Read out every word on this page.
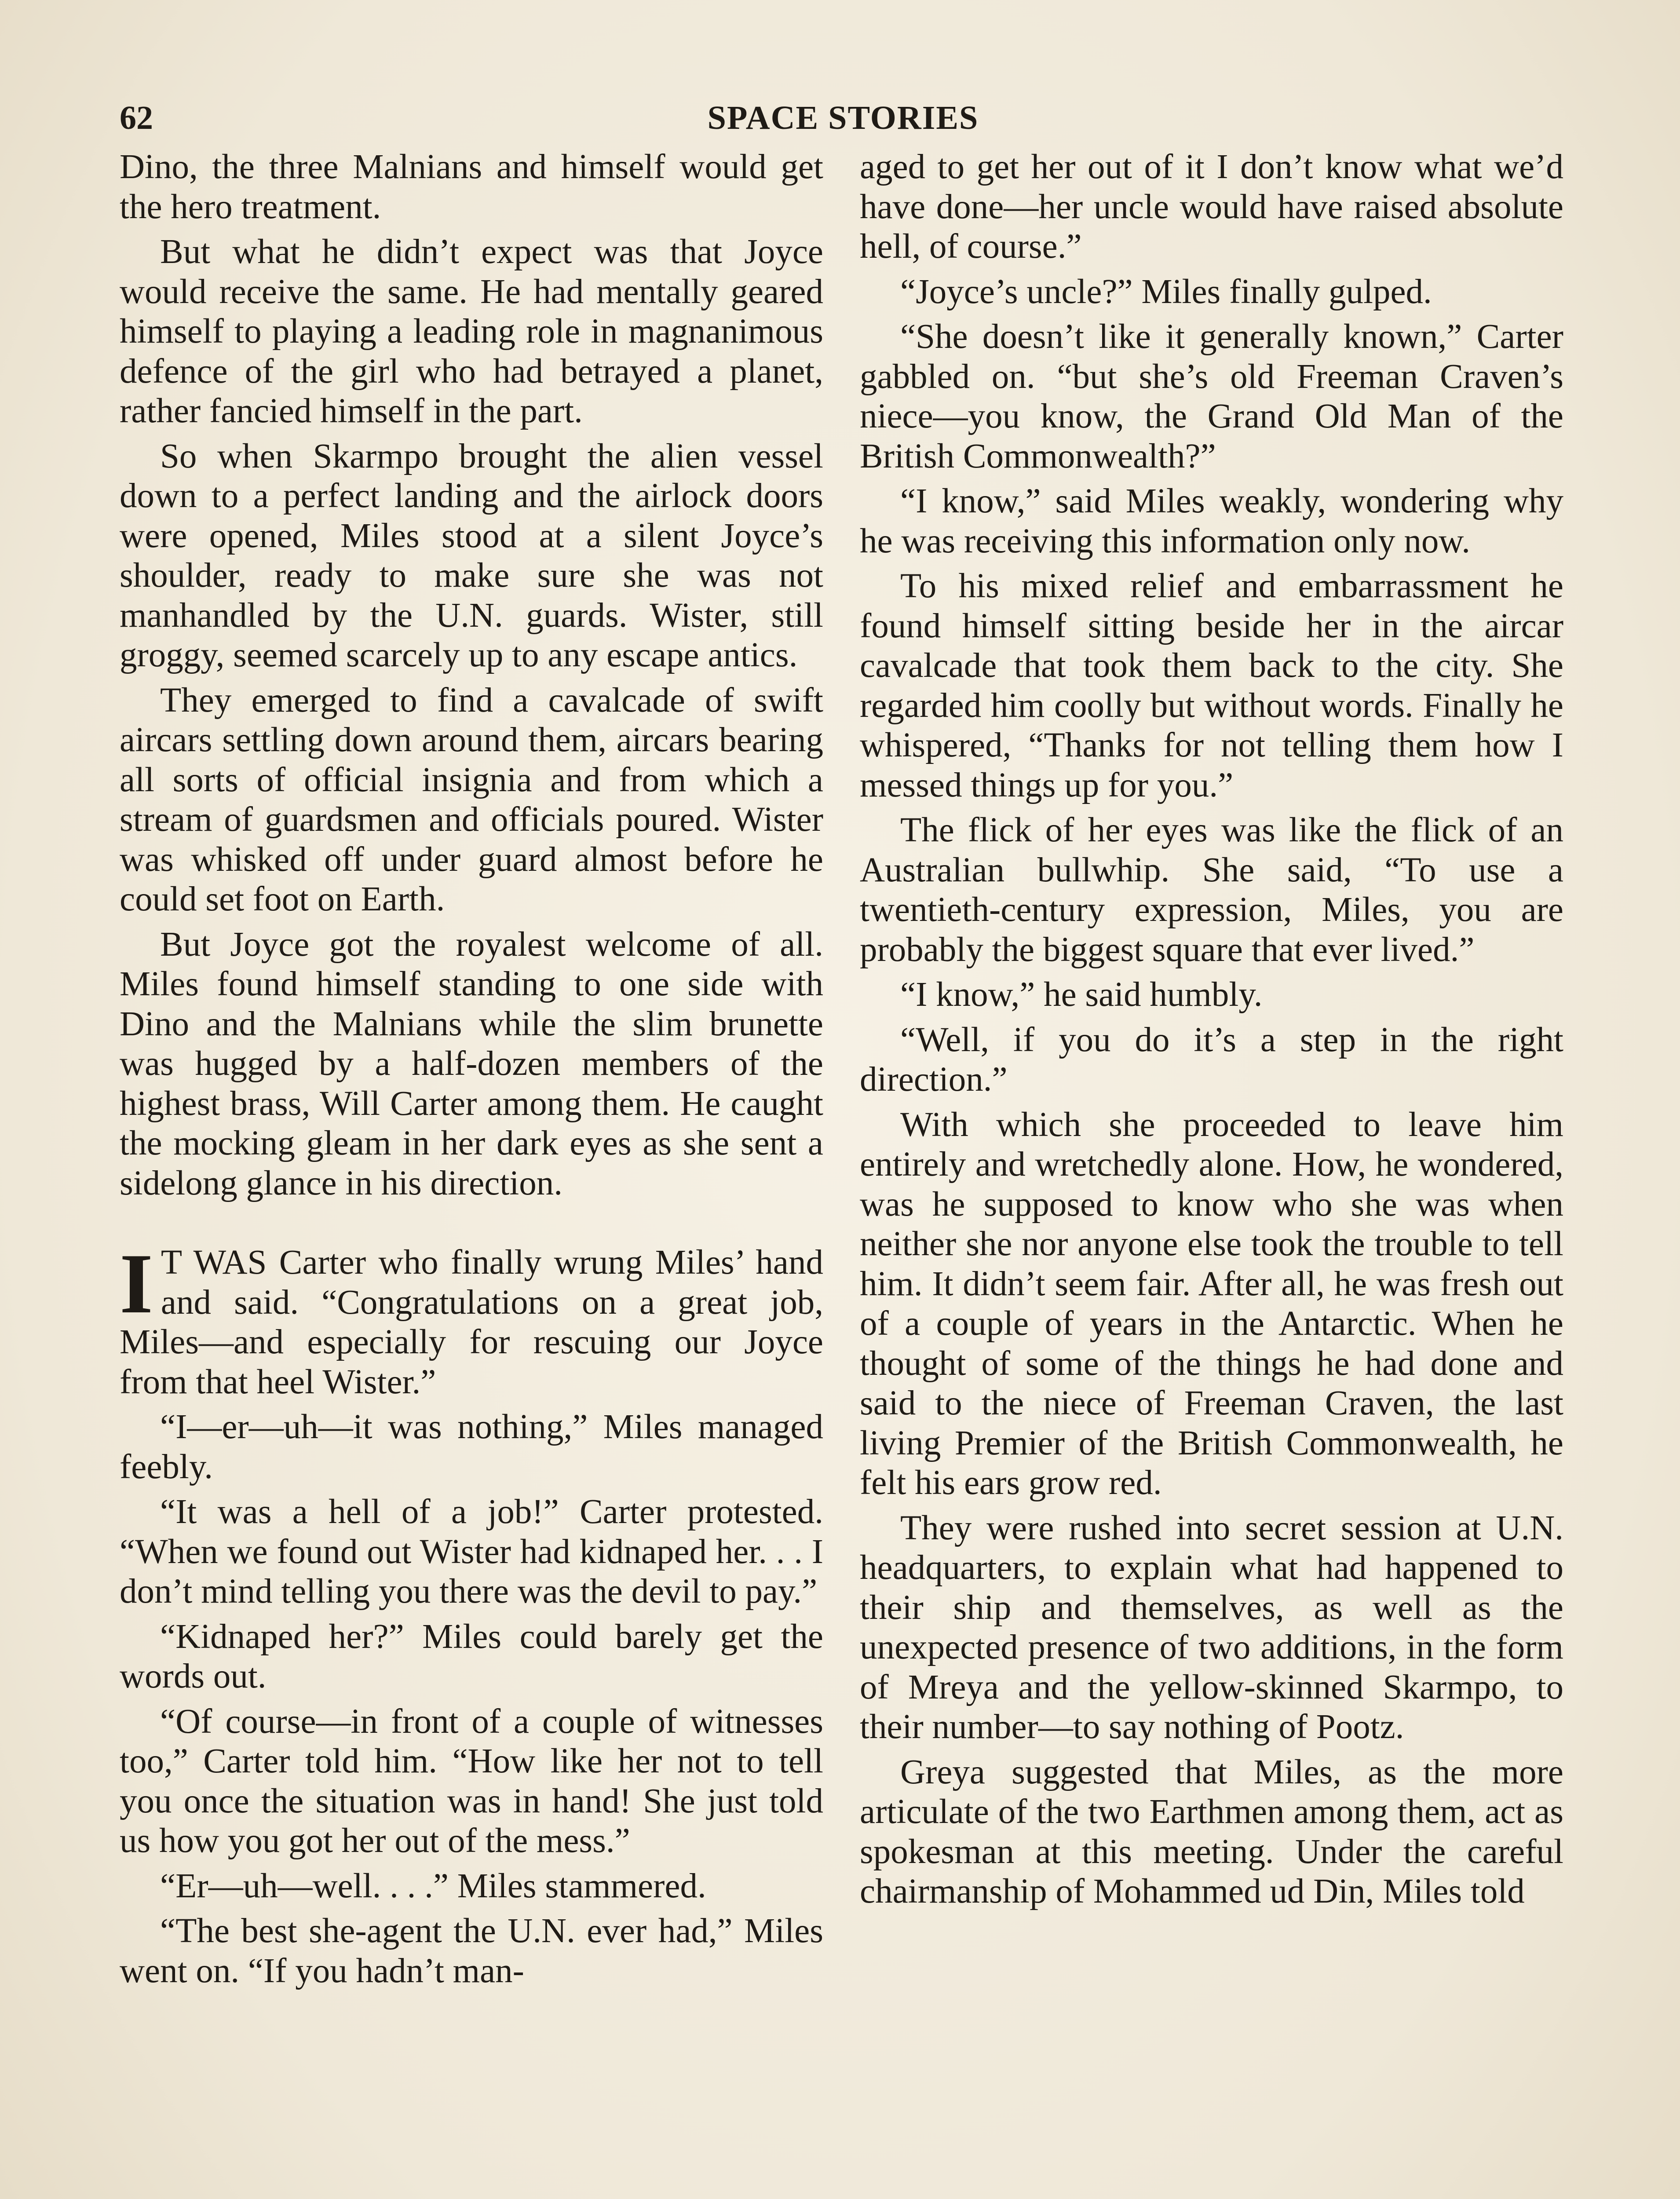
SPACE STORIES
62

Dino, the three Malnians and himself would get the hero treatment.

But what he didn’t expect was that Joyce would receive the same. He had mentally geared himself to playing a leading role in magnanimous defence of the girl who had betrayed a planet, rather fancied himself in the part.

So when Skarmpo brought the alien vessel down to a perfect landing and the airlock doors were opened, Miles stood at a silent Joyce’s shoulder, ready to make sure she was not manhandled by the U.N. guards. Wister, still groggy, seemed scarcely up to any escape antics.

They emerged to find a cavalcade of swift aircars settling down around them, aircars bearing all sorts of official insignia and from which a stream of guardsmen and officials poured. Wister was whisked off under guard almost before he could set foot on Earth.

But Joyce got the royalest welcome of all. Miles found himself standing to one side with Dino and the Malnians while the slim brunette was hugged by a half-dozen members of the highest brass, Will Carter among them. He caught the mocking gleam in her dark eyes as she sent a sidelong glance in his direction.

I T WAS Carter who finally wrung Miles’ hand and said. “Congratulations on a great job, Miles—and especially for rescuing our Joyce from that heel Wister.”

“I—er—uh—it was nothing,” Miles managed feebly.

“It was a hell of a job!” Carter protested. “When we found out Wister had kidnaped her. . . I don’t mind telling you there was the devil to pay.”

“Kidnaped her?” Miles could barely get the words out.

“Of course—in front of a couple of witnesses too,” Carter told him. “How like her not to tell you once the situation was in hand! She just told us how you got her out of the mess.”

“Er—uh—well. . . .” Miles stammered.

“The best she-agent the U.N. ever had,” Miles went on. “If you hadn’t man-

aged to get her out of it I don’t know what we’d have done—her uncle would have raised absolute hell, of course.”

“Joyce’s uncle?” Miles finally gulped.

“She doesn’t like it generally known,” Carter gabbled on. “but she’s old Freeman Craven’s niece—you know, the Grand Old Man of the British Commonwealth?”

“I know,” said Miles weakly, wondering why he was receiving this information only now.

To his mixed relief and embarrassment he found himself sitting beside her in the aircar cavalcade that took them back to the city. She regarded him coolly but without words. Finally he whispered, “Thanks for not telling them how I messed things up for you.”

The flick of her eyes was like the flick of an Australian bullwhip. She said, “To use a twentieth-century expression, Miles, you are probably the biggest square that ever lived.”

“I know,” he said humbly.

“Well, if you do it’s a step in the right direction.”

With which she proceeded to leave him entirely and wretchedly alone. How, he wondered, was he supposed to know who she was when neither she nor anyone else took the trouble to tell him. It didn’t seem fair. After all, he was fresh out of a couple of years in the Antarctic. When he thought of some of the things he had done and said to the niece of Freeman Craven, the last living Premier of the British Commonwealth, he felt his ears grow red.

They were rushed into secret session at U.N. headquarters, to explain what had happened to their ship and themselves, as well as the unexpected presence of two additions, in the form of Mreya and the yellow-skinned Skarmpo, to their number—to say nothing of Pootz.

Greya suggested that Miles, as the more articulate of the two Earthmen among them, act as spokesman at this meeting. Under the careful chairmanship of Mohammed ud Din, Miles told
